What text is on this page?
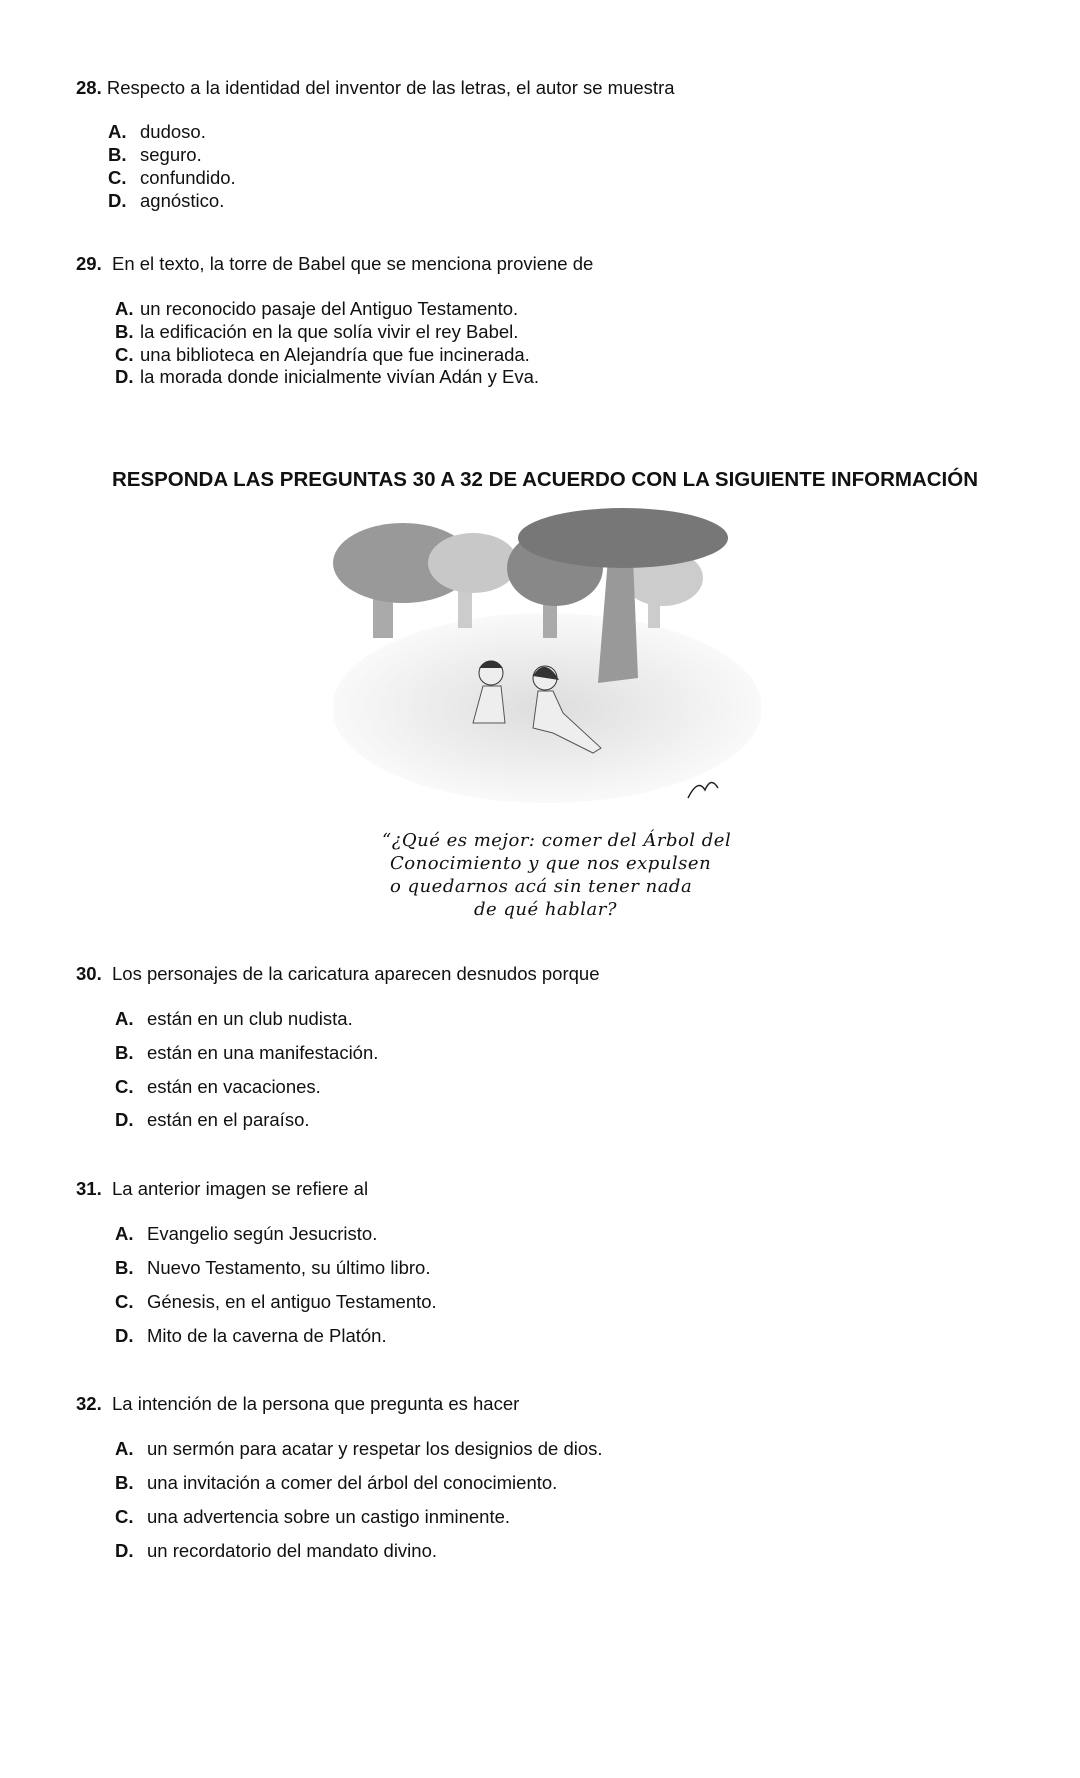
28. Respecto a la identidad del inventor de las letras, el autor se muestra
A. dudoso.
B. seguro.
C. confundido.
D. agnóstico.
29. En el texto, la torre de Babel que se menciona proviene de
A. un reconocido pasaje del Antiguo Testamento.
B. la edificación en la que solía vivir el rey Babel.
C. una biblioteca en Alejandría que fue incinerada.
D. la morada donde inicialmente vivían Adán y Eva.
RESPONDA LAS PREGUNTAS 30 A 32 DE ACUERDO CON LA SIGUIENTE INFORMACIÓN
“¿Qué es mejor: comer del Árbol del
Conocimiento y que nos expulsen
o quedarnos acá sin tener nada
de qué hablar?
30. Los personajes de la caricatura aparecen desnudos porque
A. están en un club nudista.
B. están en una manifestación.
C. están en vacaciones.
D. están en el paraíso.
31. La anterior imagen se refiere al
A. Evangelio según Jesucristo.
B. Nuevo Testamento, su último libro.
C. Génesis, en el antiguo Testamento.
D. Mito de la caverna de Platón.
32. La intención de la persona que pregunta es hacer
A. un sermón para acatar y respetar los designios de dios.
B. una invitación a comer del árbol del conocimiento.
C. una advertencia sobre un castigo inminente.
D. un recordatorio del mandato divino.
